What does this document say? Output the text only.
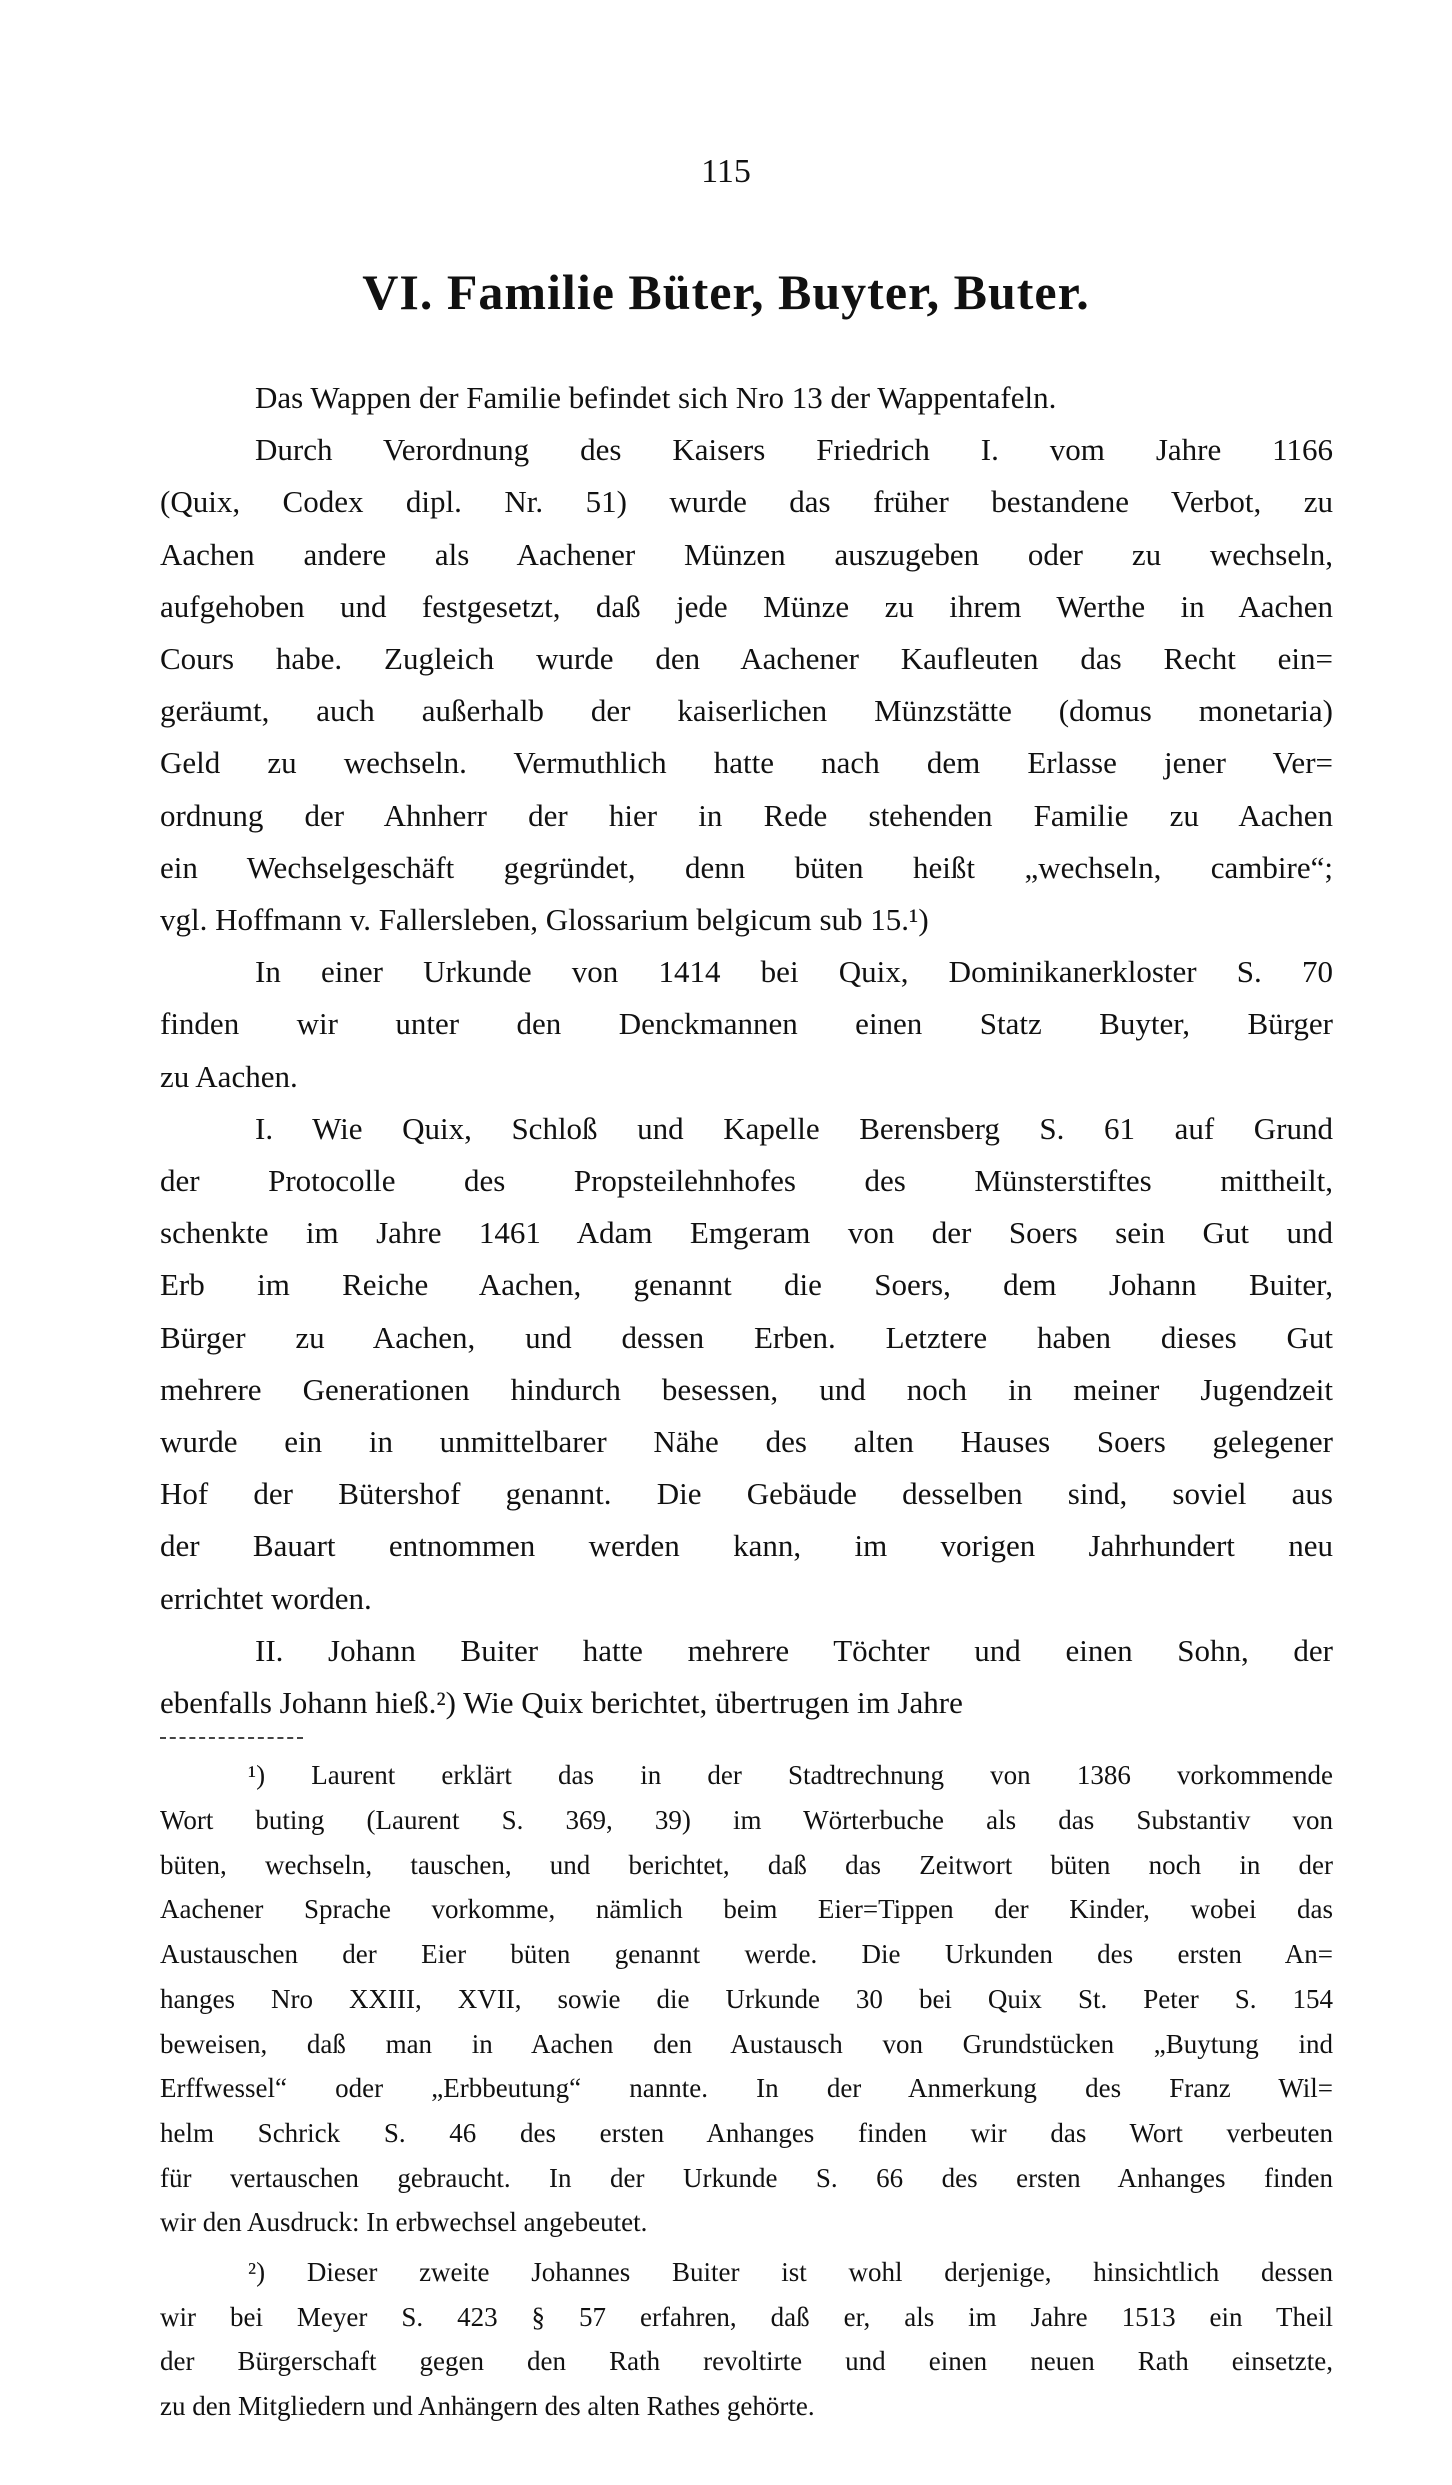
115
VI. Familie Büter, Buyter, Buter.
Das Wappen der Familie befindet sich Nro 13 der Wappentafeln.
Durch Verordnung des Kaisers Friedrich I. vom Jahre 1166
(Quix, Codex dipl. Nr. 51) wurde das früher bestandene Verbot, zu
Aachen andere als Aachener Münzen auszugeben oder zu wechseln,
aufgehoben und festgesetzt, daß jede Münze zu ihrem Werthe in Aachen
Cours habe. Zugleich wurde den Aachener Kaufleuten das Recht ein=
geräumt, auch außerhalb der kaiserlichen Münzstätte (domus monetaria)
Geld zu wechseln. Vermuthlich hatte nach dem Erlasse jener Ver=
ordnung der Ahnherr der hier in Rede stehenden Familie zu Aachen
ein Wechselgeschäft gegründet, denn büten heißt „wechseln, cambire“;
vgl. Hoffmann v. Fallersleben, Glossarium belgicum sub 15.¹)
In einer Urkunde von 1414 bei Quix, Dominikanerkloster S. 70
finden wir unter den Denckmannen einen Statz Buyter, Bürger
zu Aachen.
I. Wie Quix, Schloß und Kapelle Berensberg S. 61 auf Grund
der Protocolle des Propsteilehnhofes des Münsterstiftes mittheilt,
schenkte im Jahre 1461 Adam Emgeram von der Soers sein Gut und
Erb im Reiche Aachen, genannt die Soers, dem Johann Buiter,
Bürger zu Aachen, und dessen Erben. Letztere haben dieses Gut
mehrere Generationen hindurch besessen, und noch in meiner Jugendzeit
wurde ein in unmittelbarer Nähe des alten Hauses Soers gelegener
Hof der Bütershof genannt. Die Gebäude desselben sind, soviel aus
der Bauart entnommen werden kann, im vorigen Jahrhundert neu
errichtet worden.
II. Johann Buiter hatte mehrere Töchter und einen Sohn, der
ebenfalls Johann hieß.²) Wie Quix berichtet, übertrugen im Jahre
¹) Laurent erklärt das in der Stadtrechnung von 1386 vorkommende
Wort buting (Laurent S. 369, 39) im Wörterbuche als das Substantiv von
büten, wechseln, tauschen, und berichtet, daß das Zeitwort büten noch in der
Aachener Sprache vorkomme, nämlich beim Eier=Tippen der Kinder, wobei das
Austauschen der Eier büten genannt werde. Die Urkunden des ersten An=
hanges Nro XXIII, XVII, sowie die Urkunde 30 bei Quix St. Peter S. 154
beweisen, daß man in Aachen den Austausch von Grundstücken „Buytung ind
Erffwessel“ oder „Erbbeutung“ nannte. In der Anmerkung des Franz Wil=
helm Schrick S. 46 des ersten Anhanges finden wir das Wort verbeuten
für vertauschen gebraucht. In der Urkunde S. 66 des ersten Anhanges finden
wir den Ausdruck: In erbwechsel angebeutet.
²) Dieser zweite Johannes Buiter ist wohl derjenige, hinsichtlich dessen
wir bei Meyer S. 423 § 57 erfahren, daß er, als im Jahre 1513 ein Theil
der Bürgerschaft gegen den Rath revoltirte und einen neuen Rath einsetzte,
zu den Mitgliedern und Anhängern des alten Rathes gehörte.
